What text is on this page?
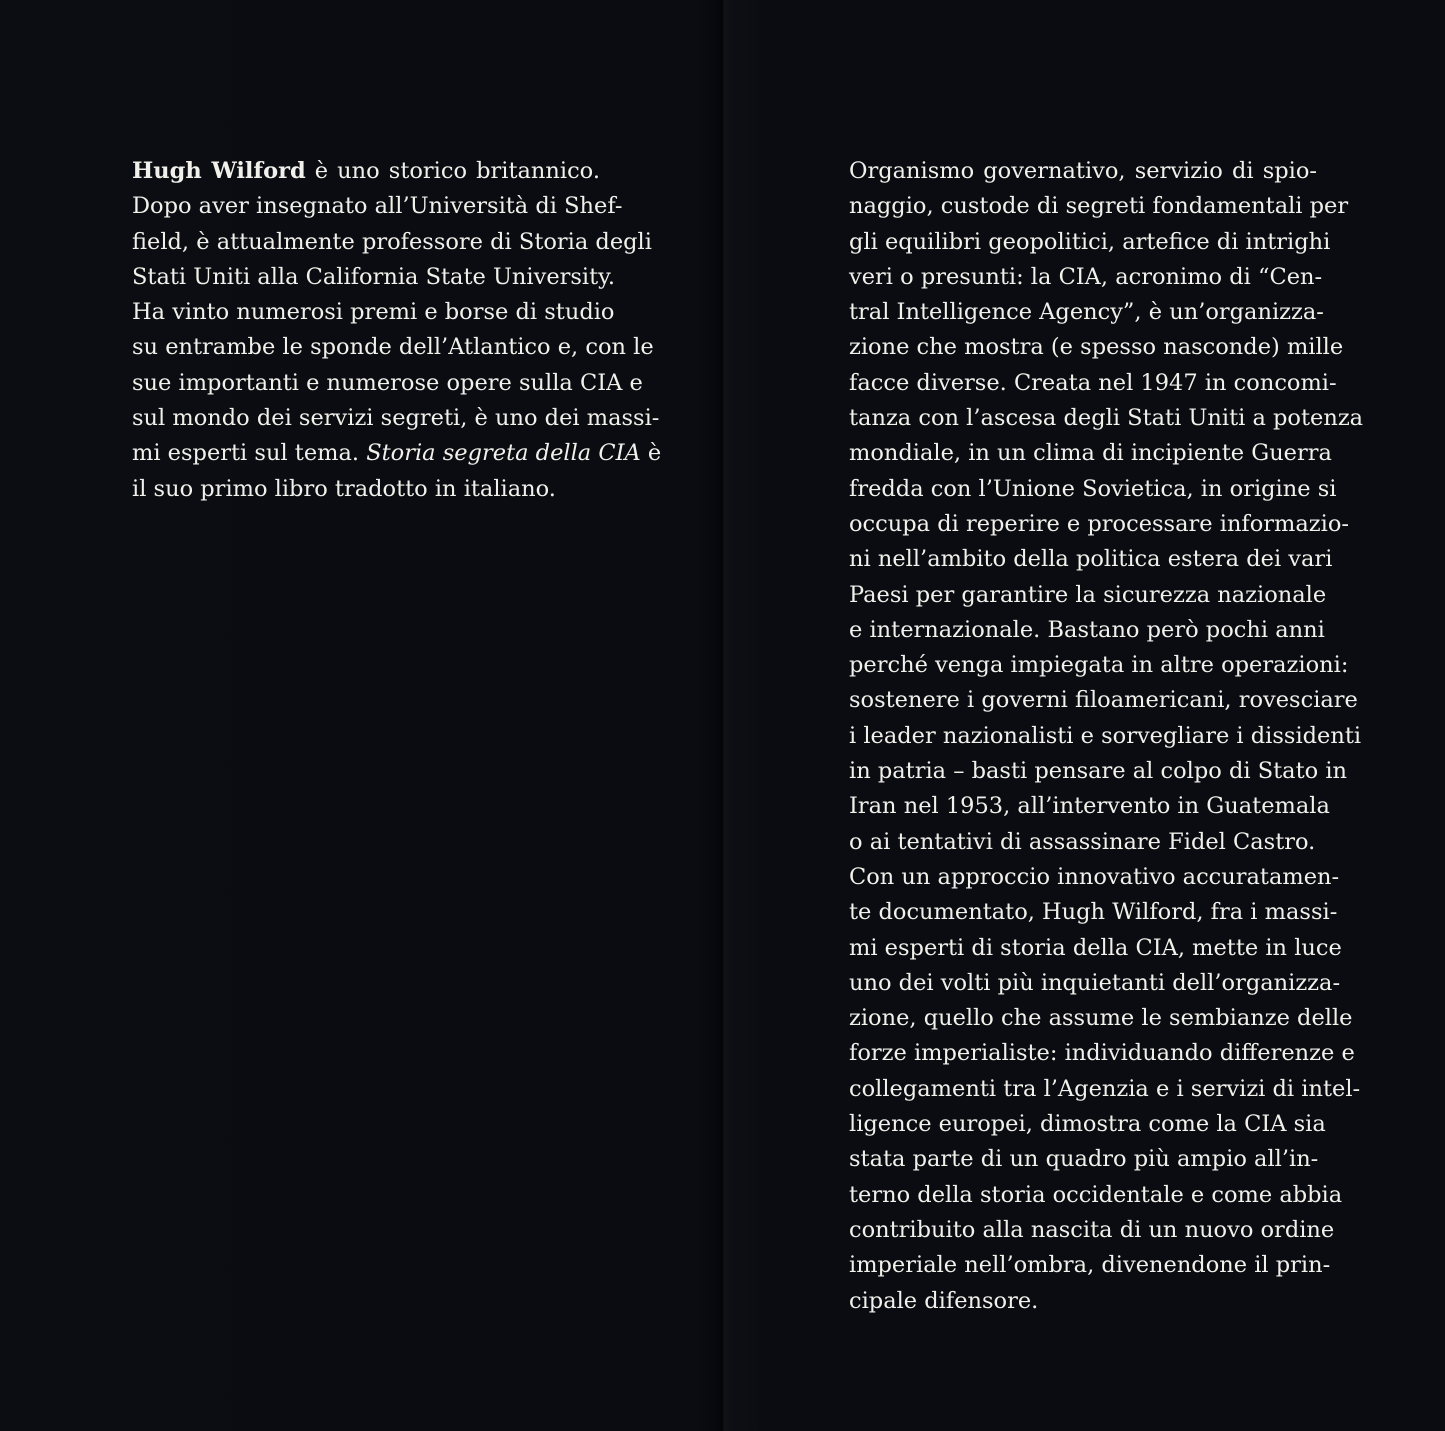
Hugh Wilford è uno storico britannico.
Dopo aver insegnato all’Università di Shef-
field, è attualmente professore di Storia degli
Stati Uniti alla California State University.
Ha vinto numerosi premi e borse di studio
su entrambe le sponde dell’Atlantico e, con le
sue importanti e numerose opere sulla CIA e
sul mondo dei servizi segreti, è uno dei massi-
mi esperti sul tema. Storia segreta della CIA è
il suo primo libro tradotto in italiano.

Organismo governativo, servizio di spio-
naggio, custode di segreti fondamentali per
gli equilibri geopolitici, artefice di intrighi
veri o presunti: la CIA, acronimo di “Cen-
tral Intelligence Agency”, è un’organizza-
zione che mostra (e spesso nasconde) mille
facce diverse. Creata nel 1947 in concomi-
tanza con l’ascesa degli Stati Uniti a potenza
mondiale, in un clima di incipiente Guerra
fredda con l’Unione Sovietica, in origine si
occupa di reperire e processare informazio-
ni nell’ambito della politica estera dei vari
Paesi per garantire la sicurezza nazionale
e internazionale. Bastano però pochi anni
perché venga impiegata in altre operazioni:
sostenere i governi filoamericani, rovesciare
i leader nazionalisti e sorvegliare i dissidenti
in patria – basti pensare al colpo di Stato in
Iran nel 1953, all’intervento in Guatemala
o ai tentativi di assassinare Fidel Castro.
Con un approccio innovativo accuratamen-
te documentato, Hugh Wilford, fra i massi-
mi esperti di storia della CIA, mette in luce
uno dei volti più inquietanti dell’organizza-
zione, quello che assume le sembianze delle
forze imperialiste: individuando differenze e
collegamenti tra l’Agenzia e i servizi di intel-
ligence europei, dimostra come la CIA sia
stata parte di un quadro più ampio all’in-
terno della storia occidentale e come abbia
contribuito alla nascita di un nuovo ordine
imperiale nell’ombra, divenendone il prin-
cipale difensore.
